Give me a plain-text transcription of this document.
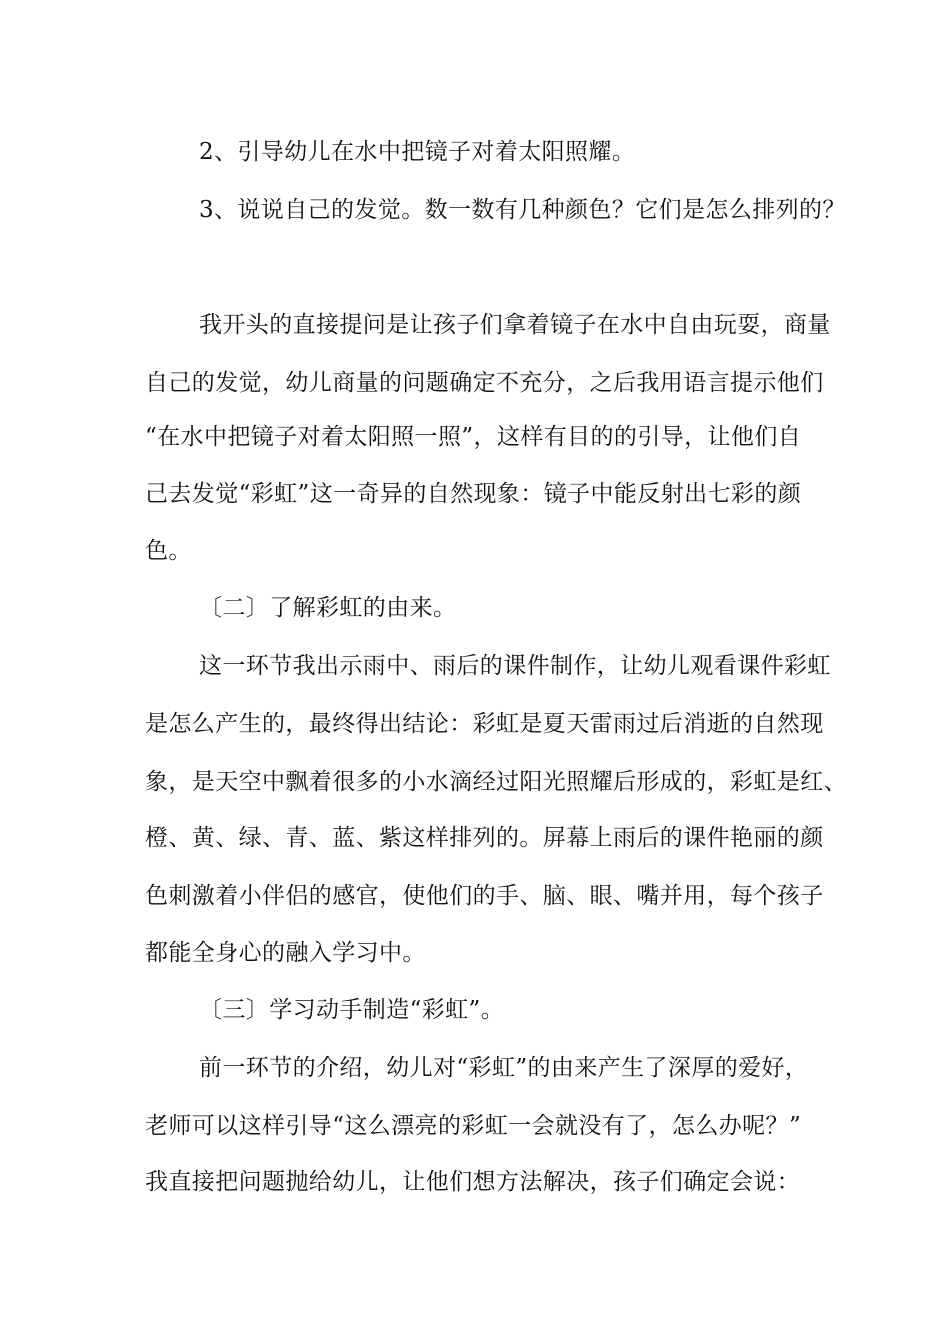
2、引导幼儿在水中把镜子对着太阳照耀。

3、说说自己的发觉。数一数有几种颜色？它们是怎么排列的？

我开头的直接提问是让孩子们拿着镜子在水中自由玩耍，商量

自己的发觉，幼儿商量的问题确定不充分，之后我用语言提示他们

“在水中把镜子对着太阳照一照”，这样有目的的引导，让他们自

己去发觉“彩虹”这一奇异的自然现象：镜子中能反射出七彩的颜

色。

〔二〕了解彩虹的由来。

这一环节我出示雨中、雨后的课件制作，让幼儿观看课件彩虹

是怎么产生的，最终得出结论：彩虹是夏天雷雨过后消逝的自然现

象，是天空中飘着很多的小水滴经过阳光照耀后形成的，彩虹是红、

橙、黄、绿、青、蓝、紫这样排列的。屏幕上雨后的课件艳丽的颜

色刺激着小伴侣的感官，使他们的手、脑、眼、嘴并用，每个孩子

都能全身心的融入学习中。

〔三〕学习动手制造“彩虹”。

前一环节的介绍，幼儿对“彩虹”的由来产生了深厚的爱好，

老师可以这样引导“这么漂亮的彩虹一会就没有了，怎么办呢？”

我直接把问题抛给幼儿，让他们想方法解决，孩子们确定会说：
